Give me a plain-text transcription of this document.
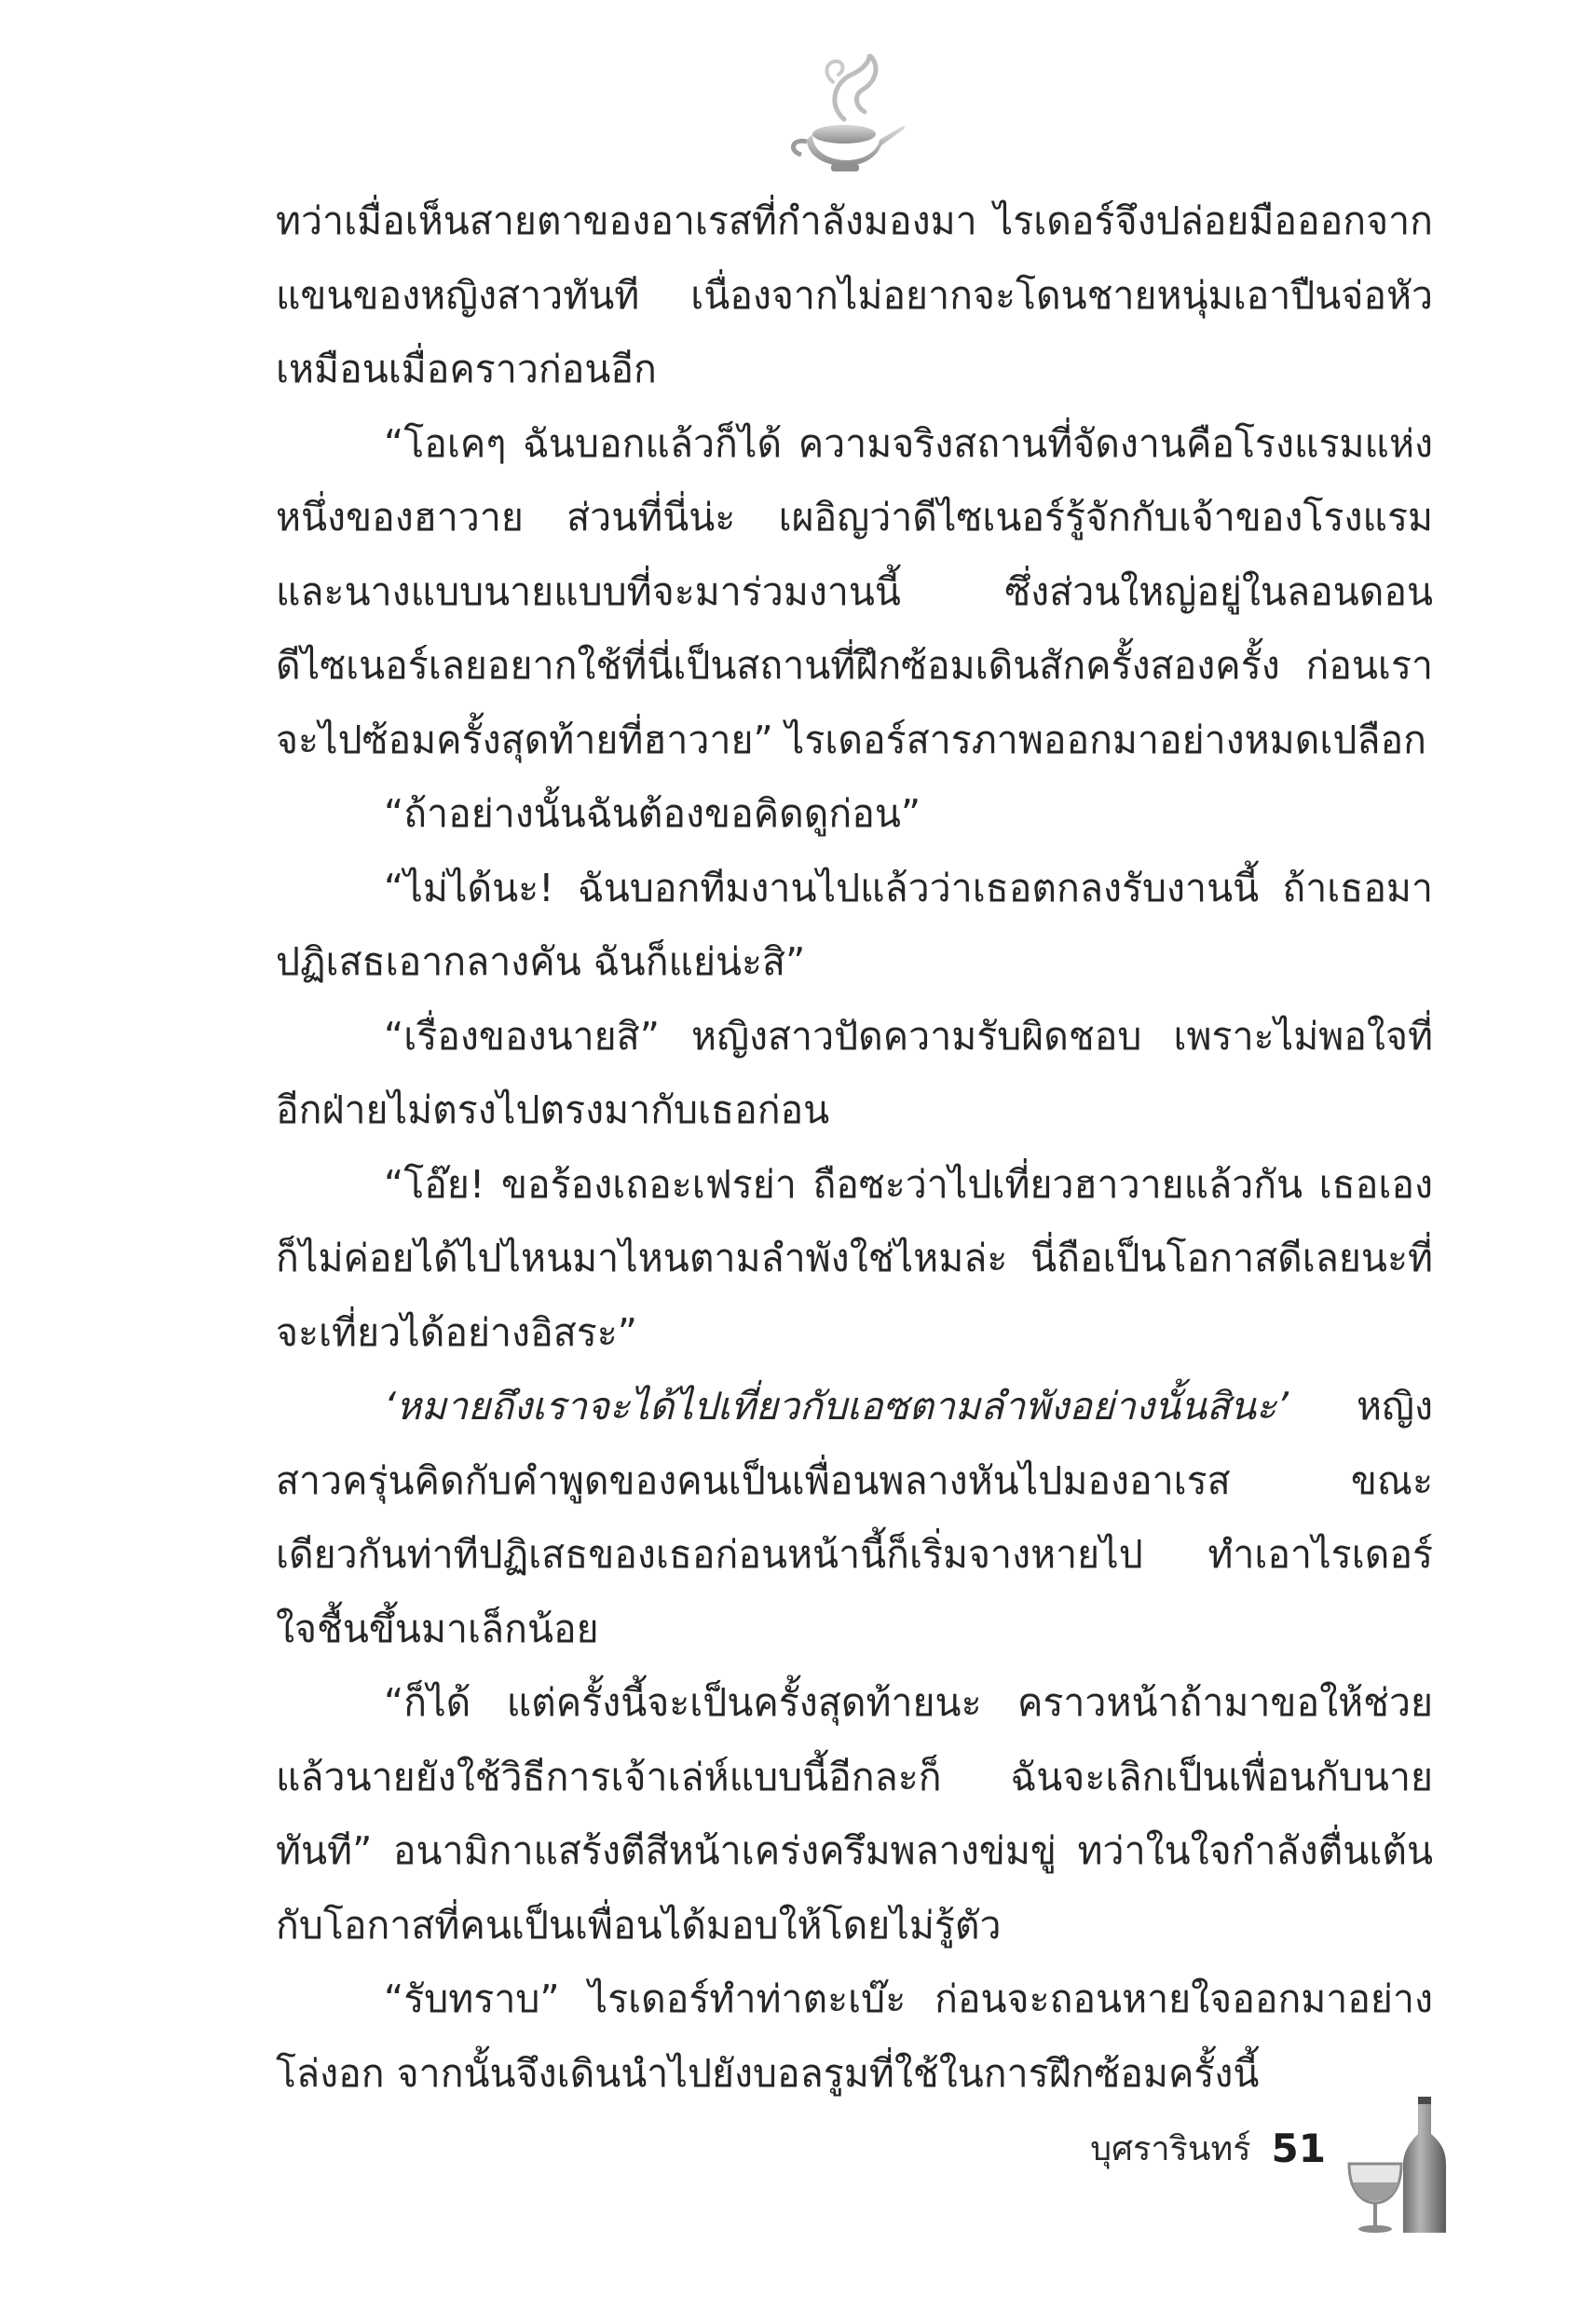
ทว่าเมื่อเห็นสายตาของอาเรสที่กำลังมองมา ไรเดอร์จึงปล่อยมือออกจากแขนของหญิงสาวทันที เนื่องจากไม่อยากจะโดนชายหนุ่มเอาปืนจ่อหัวเหมือนเมื่อคราวก่อนอีก

“โอเคๆ ฉันบอกแล้วก็ได้ ความจริงสถานที่จัดงานคือโรงแรมแห่งหนึ่งของฮาวาย ส่วนที่นี่น่ะ เผอิญว่าดีไซเนอร์รู้จักกับเจ้าของโรงแรมและนางแบบนายแบบที่จะมาร่วมงานนี้ ซึ่งส่วนใหญ่อยู่ในลอนดอน ดีไซเนอร์เลยอยากใช้ที่นี่เป็นสถานที่ฝึกซ้อมเดินสักครั้งสองครั้ง ก่อนเราจะไปซ้อมครั้งสุดท้ายที่ฮาวาย” ไรเดอร์สารภาพออกมาอย่างหมดเปลือก

“ถ้าอย่างนั้นฉันต้องขอคิดดูก่อน”

“ไม่ได้นะ! ฉันบอกทีมงานไปแล้วว่าเธอตกลงรับงานนี้ ถ้าเธอมาปฏิเสธเอากลางคัน ฉันก็แย่น่ะสิ”

“เรื่องของนายสิ” หญิงสาวปัดความรับผิดชอบ เพราะไม่พอใจที่อีกฝ่ายไม่ตรงไปตรงมากับเธอก่อน

“โอ๊ย! ขอร้องเถอะเฟรย่า ถือซะว่าไปเที่ยวฮาวายแล้วกัน เธอเองก็ไม่ค่อยได้ไปไหนมาไหนตามลำพังใช่ไหมล่ะ นี่ถือเป็นโอกาสดีเลยนะที่จะเที่ยวได้อย่างอิสระ”

‘หมายถึงเราจะได้ไปเที่ยวกับเอซตามลำพังอย่างนั้นสินะ’ หญิงสาวครุ่นคิดกับคำพูดของคนเป็นเพื่อนพลางหันไปมองอาเรส ขณะเดียวกันท่าทีปฏิเสธของเธอก่อนหน้านี้ก็เริ่มจางหายไป ทำเอาไรเดอร์ใจชื้นขึ้นมาเล็กน้อย

“ก็ได้ แต่ครั้งนี้จะเป็นครั้งสุดท้ายนะ คราวหน้าถ้ามาขอให้ช่วยแล้วนายยังใช้วิธีการเจ้าเล่ห์แบบนี้อีกละก็ ฉันจะเลิกเป็นเพื่อนกับนายทันที” อนามิกาแสร้งตีสีหน้าเคร่งครึมพลางข่มขู่ ทว่าในใจกำลังตื่นเต้นกับโอกาสที่คนเป็นเพื่อนได้มอบให้โดยไม่รู้ตัว

“รับทราบ” ไรเดอร์ทำท่าตะเบ๊ะ ก่อนจะถอนหายใจออกมาอย่างโล่งอก จากนั้นจึงเดินนำไปยังบอลรูมที่ใช้ในการฝึกซ้อมครั้งนี้

บุศรารินทร์ 51
